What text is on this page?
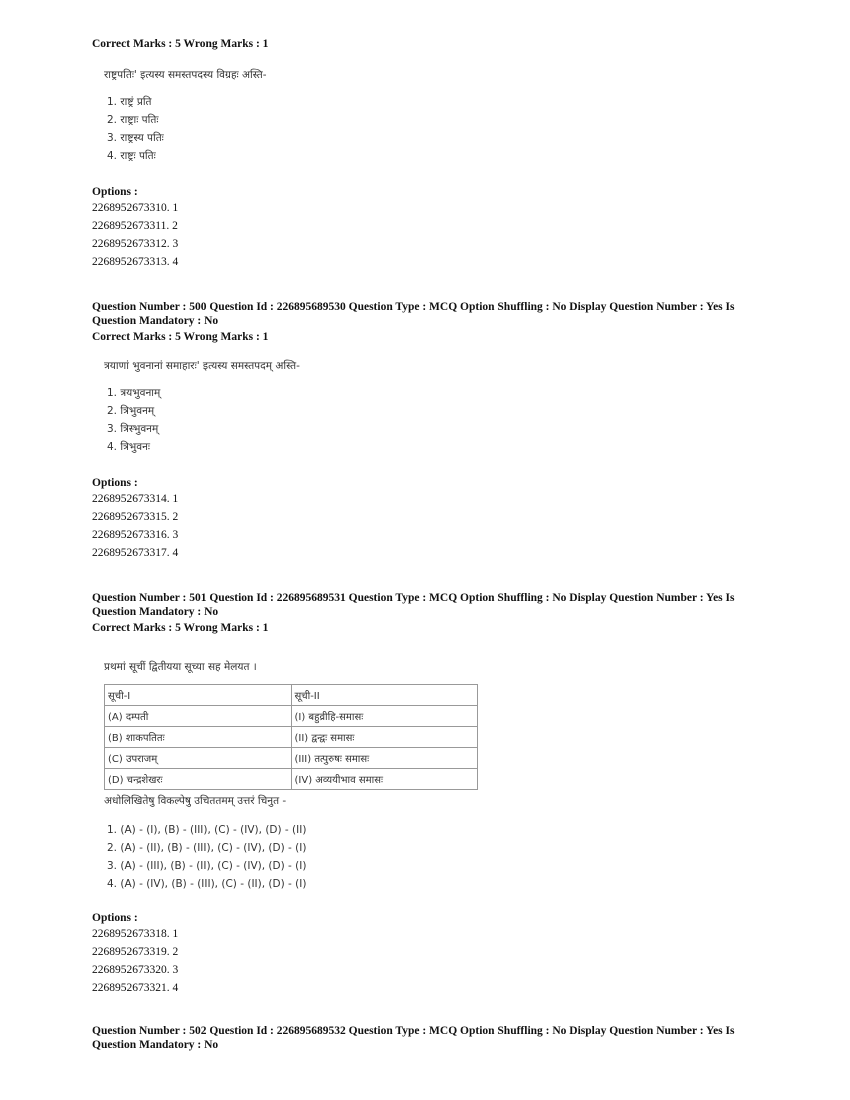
Correct Marks : 5 Wrong Marks : 1
राष्ट्रपतिः' इत्यस्य समस्तपदस्य विग्रहः अस्ति-
1. राष्ट्रं प्रति
2. राष्ट्राः पतिः
3. राष्ट्रस्य पतिः
4. राष्ट्रः पतिः
Options :
2268952673310. 1
2268952673311. 2
2268952673312. 3
2268952673313. 4
Question Number : 500 Question Id : 226895689530 Question Type : MCQ Option Shuffling : No Display Question Number : Yes Is
Question Mandatory : No
Correct Marks : 5 Wrong Marks : 1
त्रयाणां भुवनानां समाहारः' इत्यस्य समस्तपदम् अस्ति-
1. त्रयभुवनाम्
2. त्रिभुवनम्
3. त्रिस्भुवनम्
4. त्रिभुवनः
Options :
2268952673314. 1
2268952673315. 2
2268952673316. 3
2268952673317. 4
Question Number : 501 Question Id : 226895689531 Question Type : MCQ Option Shuffling : No Display Question Number : Yes Is
Question Mandatory : No
Correct Marks : 5 Wrong Marks : 1
प्रथमां सूचीं द्वितीयया सूच्या सह मेलयत ।
सूची-I	सूची-II
(A) दम्पती	(I) बहुव्रीहि-समासः
(B) शाकपतितः	(II) द्वन्द्वः समासः
(C) उपराजम्	(III) तत्पुरुषः समासः
(D) चन्द्रशेखरः	(IV) अव्ययीभाव समासः
अधोलिखितेषु विकल्पेषु उचिततमम् उत्तरं चिनुत -
1. (A) - (I), (B) - (III), (C) - (IV), (D) - (II)
2. (A) - (II), (B) - (III), (C) - (IV), (D) - (I)
3. (A) - (III), (B) - (II), (C) - (IV), (D) - (I)
4. (A) - (IV), (B) - (III), (C) - (II), (D) - (I)
Options :
2268952673318. 1
2268952673319. 2
2268952673320. 3
2268952673321. 4
Question Number : 502 Question Id : 226895689532 Question Type : MCQ Option Shuffling : No Display Question Number : Yes Is
Question Mandatory : No
